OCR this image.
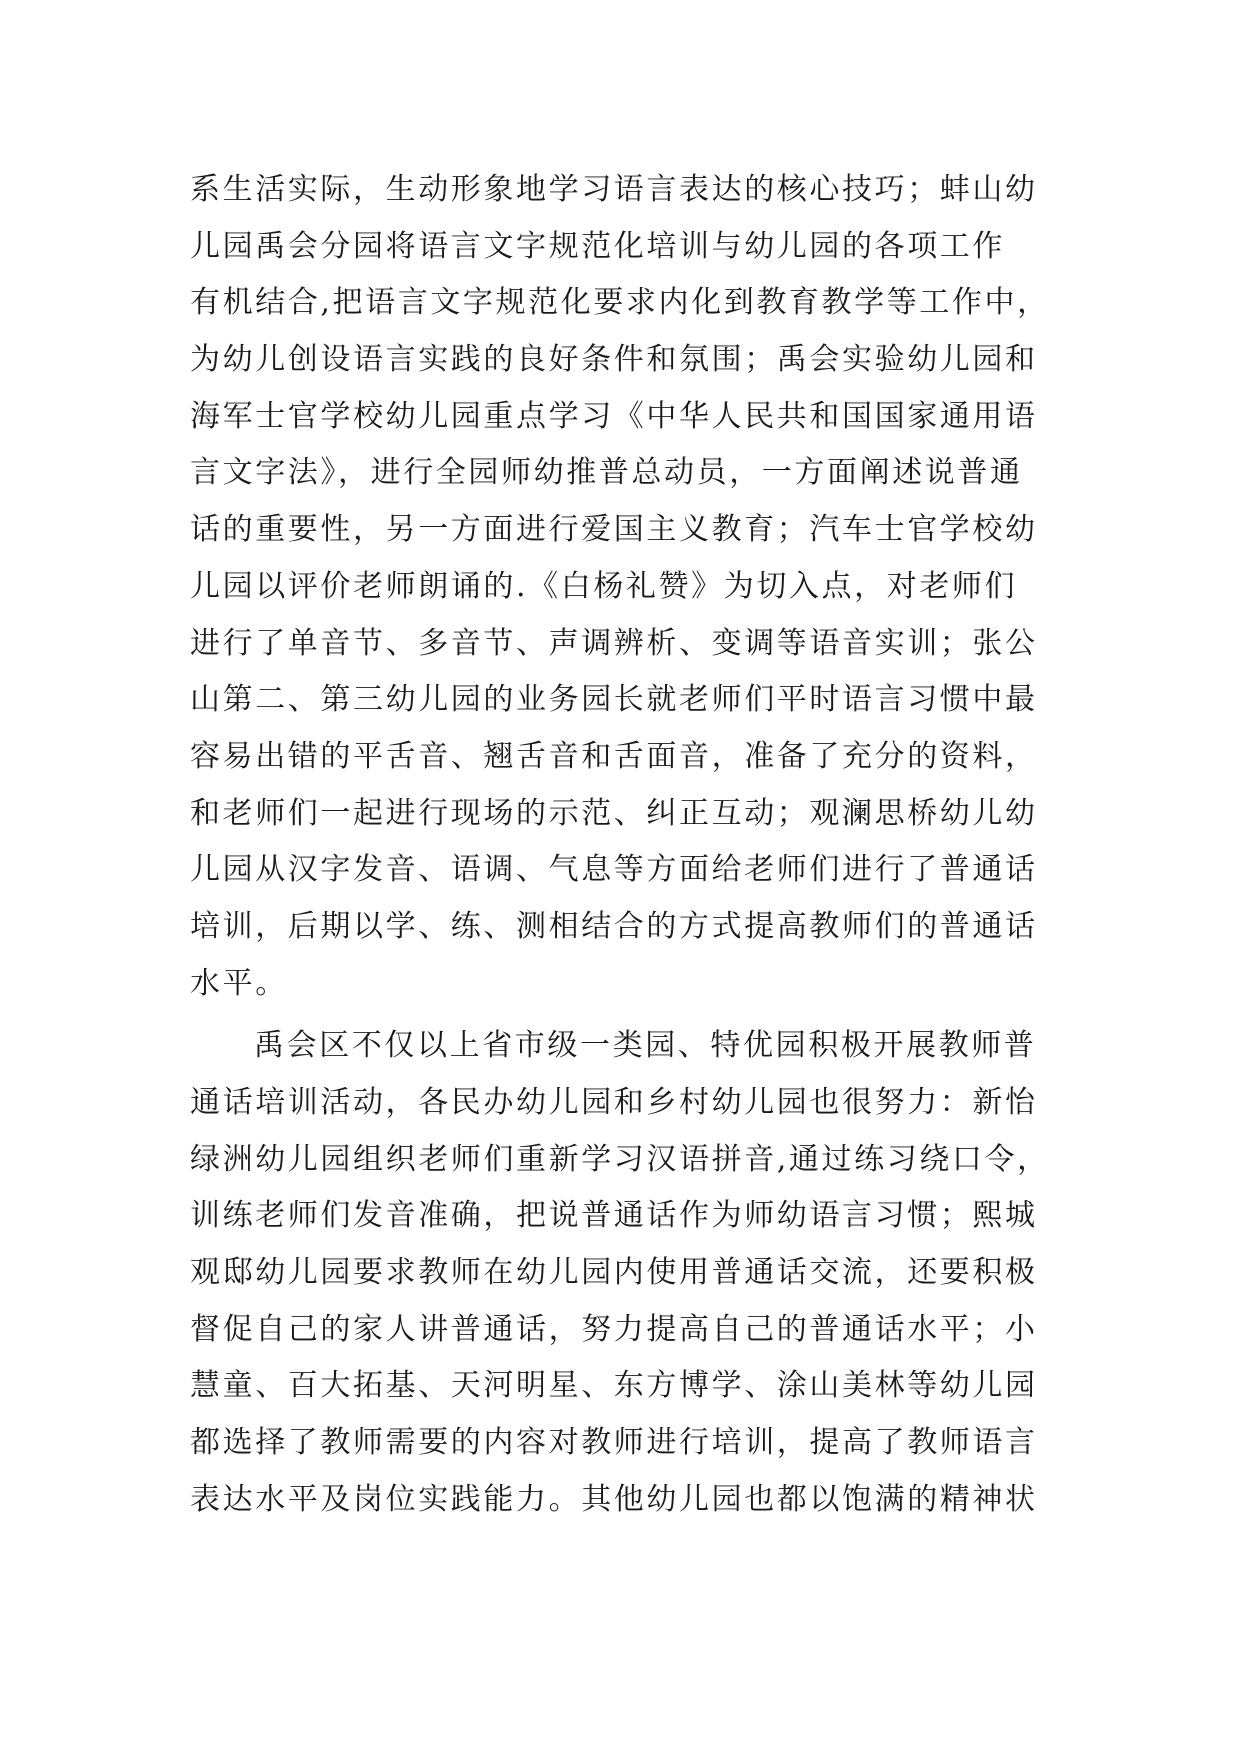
系生活实际，生动形象地学习语言表达的核心技巧；蚌山幼
儿园禹会分园将语言文字规范化培训与幼儿园的各项工作
有机结合,把语言文字规范化要求内化到教育教学等工作中，
为幼儿创设语言实践的良好条件和氛围；禹会实验幼儿园和
海军士官学校幼儿园重点学习《中华人民共和国国家通用语
言文字法》，进行全园师幼推普总动员，一方面阐述说普通
话的重要性，另一方面进行爱国主义教育；汽车士官学校幼
儿园以评价老师朗诵的.《白杨礼赞》为切入点，对老师们
进行了单音节、多音节、声调辨析、变调等语音实训；张公
山第二、第三幼儿园的业务园长就老师们平时语言习惯中最
容易出错的平舌音、翘舌音和舌面音，准备了充分的资料，
和老师们一起进行现场的示范、纠正互动；观澜思桥幼儿幼
儿园从汉字发音、语调、气息等方面给老师们进行了普通话
培训，后期以学、练、测相结合的方式提高教师们的普通话
水平。
禹会区不仅以上省市级一类园、特优园积极开展教师普
通话培训活动，各民办幼儿园和乡村幼儿园也很努力：新怡
绿洲幼儿园组织老师们重新学习汉语拼音,通过练习绕口令，
训练老师们发音准确，把说普通话作为师幼语言习惯；熙城
观邸幼儿园要求教师在幼儿园内使用普通话交流，还要积极
督促自己的家人讲普通话，努力提高自己的普通话水平；小
慧童、百大拓基、天河明星、东方博学、涂山美林等幼儿园
都选择了教师需要的内容对教师进行培训，提高了教师语言
表达水平及岗位实践能力。其他幼儿园也都以饱满的精神状
